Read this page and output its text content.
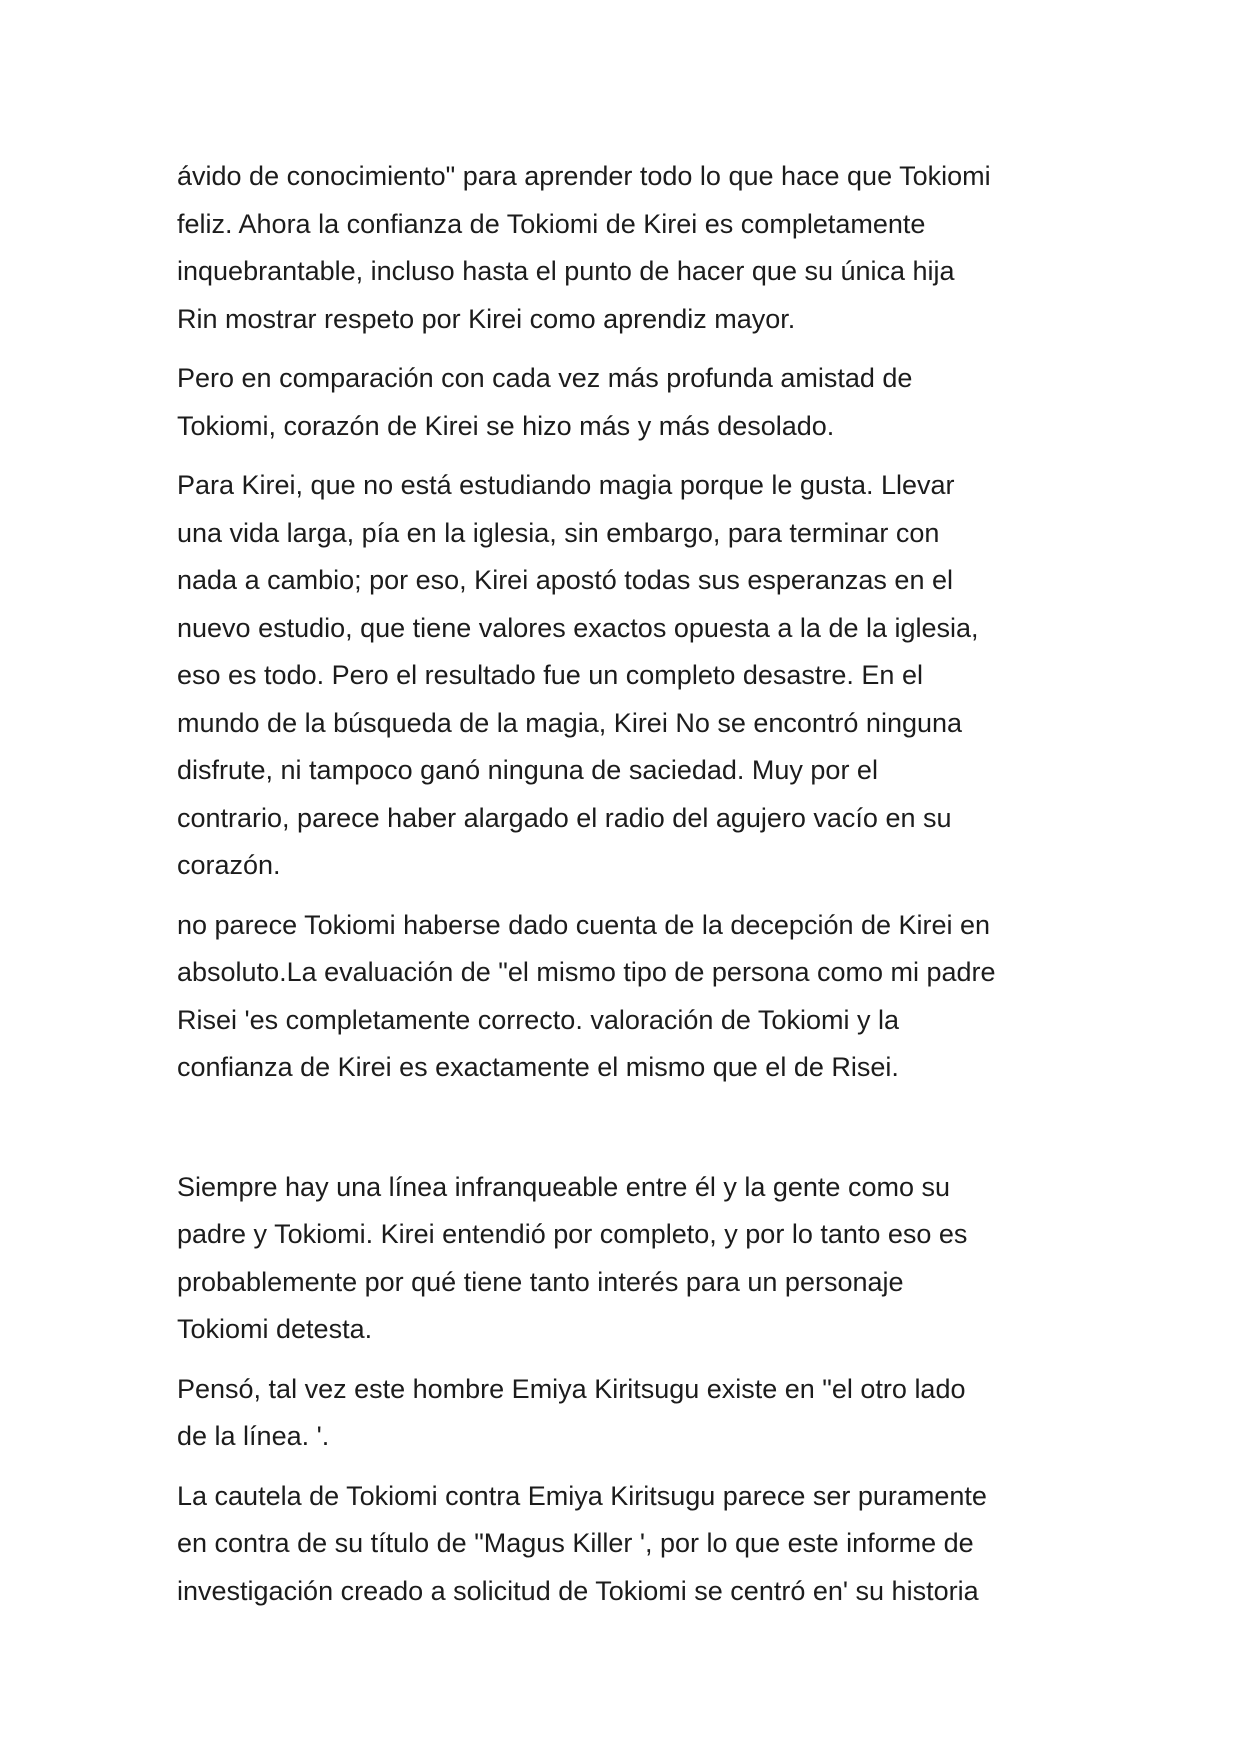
ávido de conocimiento" para aprender todo lo que hace que Tokiomi
feliz. Ahora la confianza de Tokiomi de Kirei es completamente
inquebrantable, incluso hasta el punto de hacer que su única hija
Rin mostrar respeto por Kirei como aprendiz mayor.

Pero en comparación con cada vez más profunda amistad de
Tokiomi, corazón de Kirei se hizo más y más desolado.

Para Kirei, que no está estudiando magia porque le gusta. Llevar
una vida larga, pía en la iglesia, sin embargo, para terminar con
nada a cambio; por eso, Kirei apostó todas sus esperanzas en el
nuevo estudio, que tiene valores exactos opuesta a la de la iglesia,
eso es todo. Pero el resultado fue un completo desastre. En el
mundo de la búsqueda de la magia, Kirei No se encontró ninguna
disfrute, ni tampoco ganó ninguna de saciedad. Muy por el
contrario, parece haber alargado el radio del agujero vacío en su
corazón.

no parece Tokiomi haberse dado cuenta de la decepción de Kirei en
absoluto.La evaluación de "el mismo tipo de persona como mi padre
Risei 'es completamente correcto. valoración de Tokiomi y la
confianza de Kirei es exactamente el mismo que el de Risei.

Siempre hay una línea infranqueable entre él y la gente como su
padre y Tokiomi. Kirei entendió por completo, y por lo tanto eso es
probablemente por qué tiene tanto interés para un personaje
Tokiomi detesta.

Pensó, tal vez este hombre Emiya Kiritsugu existe en "el otro lado
de la línea. '.

La cautela de Tokiomi contra Emiya Kiritsugu parece ser puramente
en contra de su título de "Magus Killer ', por lo que este informe de
investigación creado a solicitud de Tokiomi se centró en' su historia
